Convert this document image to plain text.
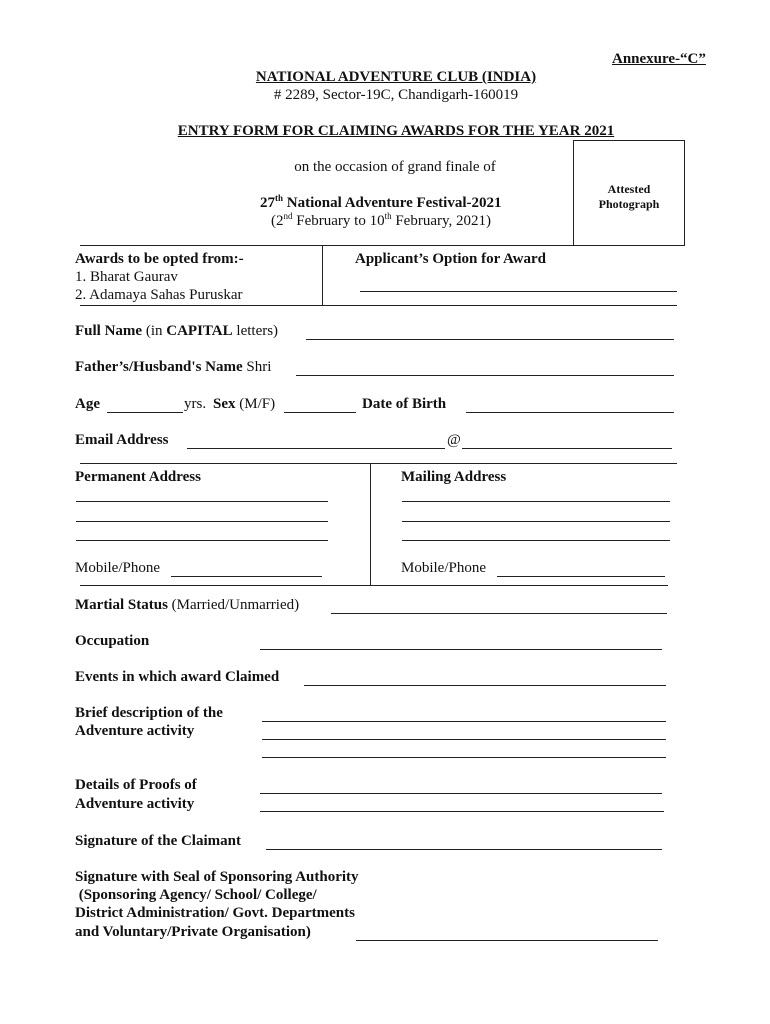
Annexure-“C”
NATIONAL ADVENTURE CLUB (INDIA)
# 2289, Sector-19C, Chandigarh-160019
ENTRY FORM FOR CLAIMING AWARDS FOR THE YEAR 2021
on the occasion of grand finale of
27th National Adventure Festival-2021
(2nd February to 10th February, 2021)
Attested
Photograph
Awards to be opted from:-
1. Bharat Gaurav
2. Adamaya Sahas Puruskar
Applicant’s Option for Award
Full Name (in CAPITAL letters)
Father’s/Husband's Name Shri
Age	yrs. Sex (M/F)	Date of Birth
Email Address	@
Permanent Address	Mailing Address
Mobile/Phone	Mobile/Phone
Martial Status (Married/Unmarried)
Occupation
Events in which award Claimed
Brief description of the
Adventure activity
Details of Proofs of
Adventure activity
Signature of the Claimant
Signature with Seal of Sponsoring Authority
(Sponsoring Agency/ School/ College/
District Administration/ Govt. Departments
and Voluntary/Private Organisation)
